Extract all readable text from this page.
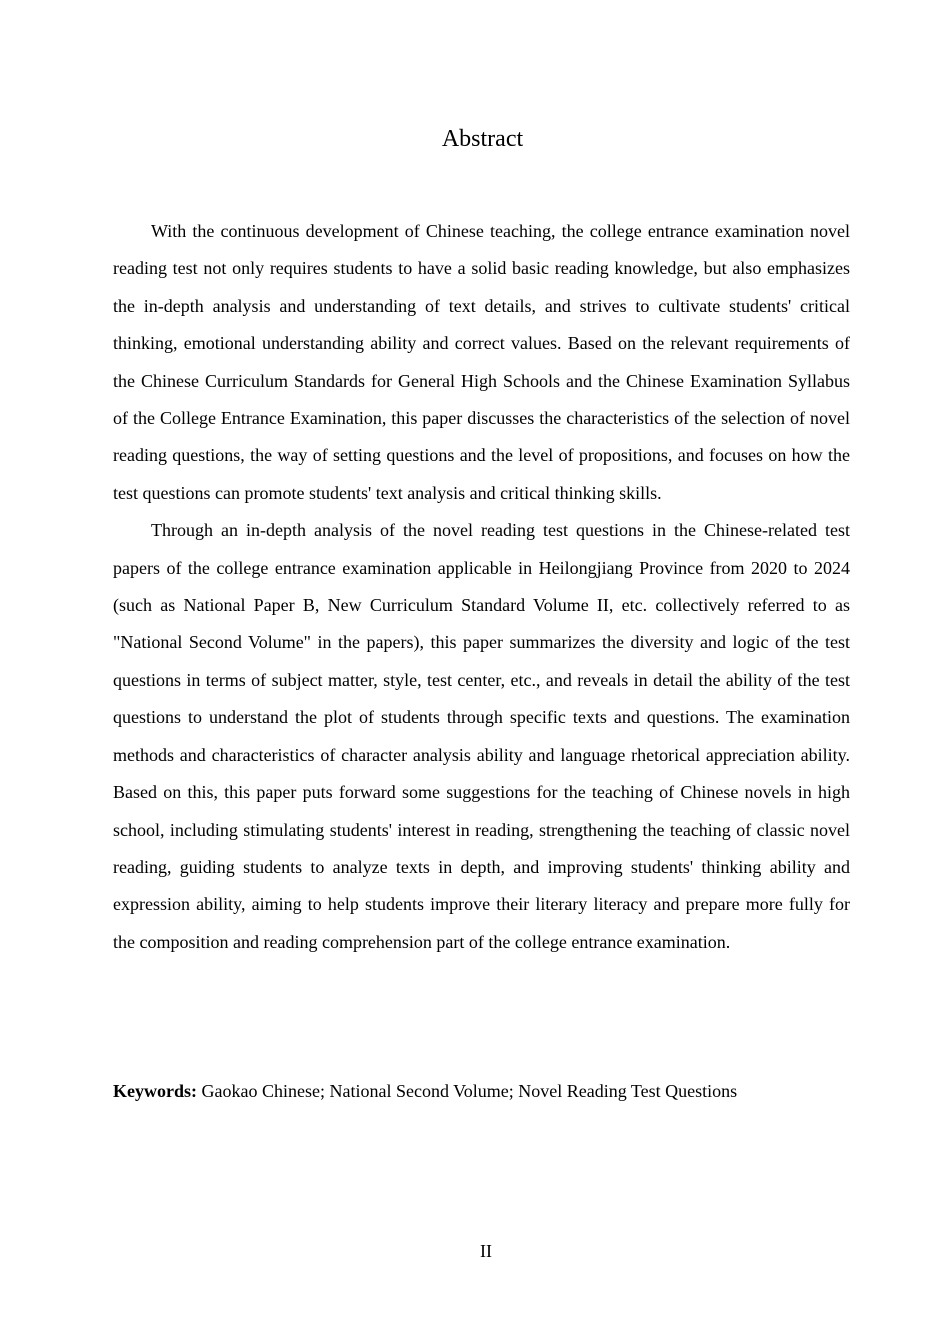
Abstract

With the continuous development of Chinese teaching, the college entrance examination novel reading test not only requires students to have a solid basic reading knowledge, but also emphasizes the in-depth analysis and understanding of text details, and strives to cultivate students' critical thinking, emotional understanding ability and correct values. Based on the relevant requirements of the Chinese Curriculum Standards for General High Schools and the Chinese Examination Syllabus of the College Entrance Examination, this paper discusses the characteristics of the selection of novel reading questions, the way of setting questions and the level of propositions, and focuses on how the test questions can promote students' text analysis and critical thinking skills.

Through an in-depth analysis of the novel reading test questions in the Chinese-related test papers of the college entrance examination applicable in Heilongjiang Province from 2020 to 2024 (such as National Paper B, New Curriculum Standard Volume II, etc. collectively referred to as "National Second Volume" in the papers), this paper summarizes the diversity and logic of the test questions in terms of subject matter, style, test center, etc., and reveals in detail the ability of the test questions to understand the plot of students through specific texts and questions. The examination methods and characteristics of character analysis ability and language rhetorical appreciation ability. Based on this, this paper puts forward some suggestions for the teaching of Chinese novels in high school, including stimulating students' interest in reading, strengthening the teaching of classic novel reading, guiding students to analyze texts in depth, and improving students' thinking ability and expression ability, aiming to help students improve their literary literacy and prepare more fully for the composition and reading comprehension part of the college entrance examination.

Keywords: Gaokao Chinese; National Second Volume; Novel Reading Test Questions
II
